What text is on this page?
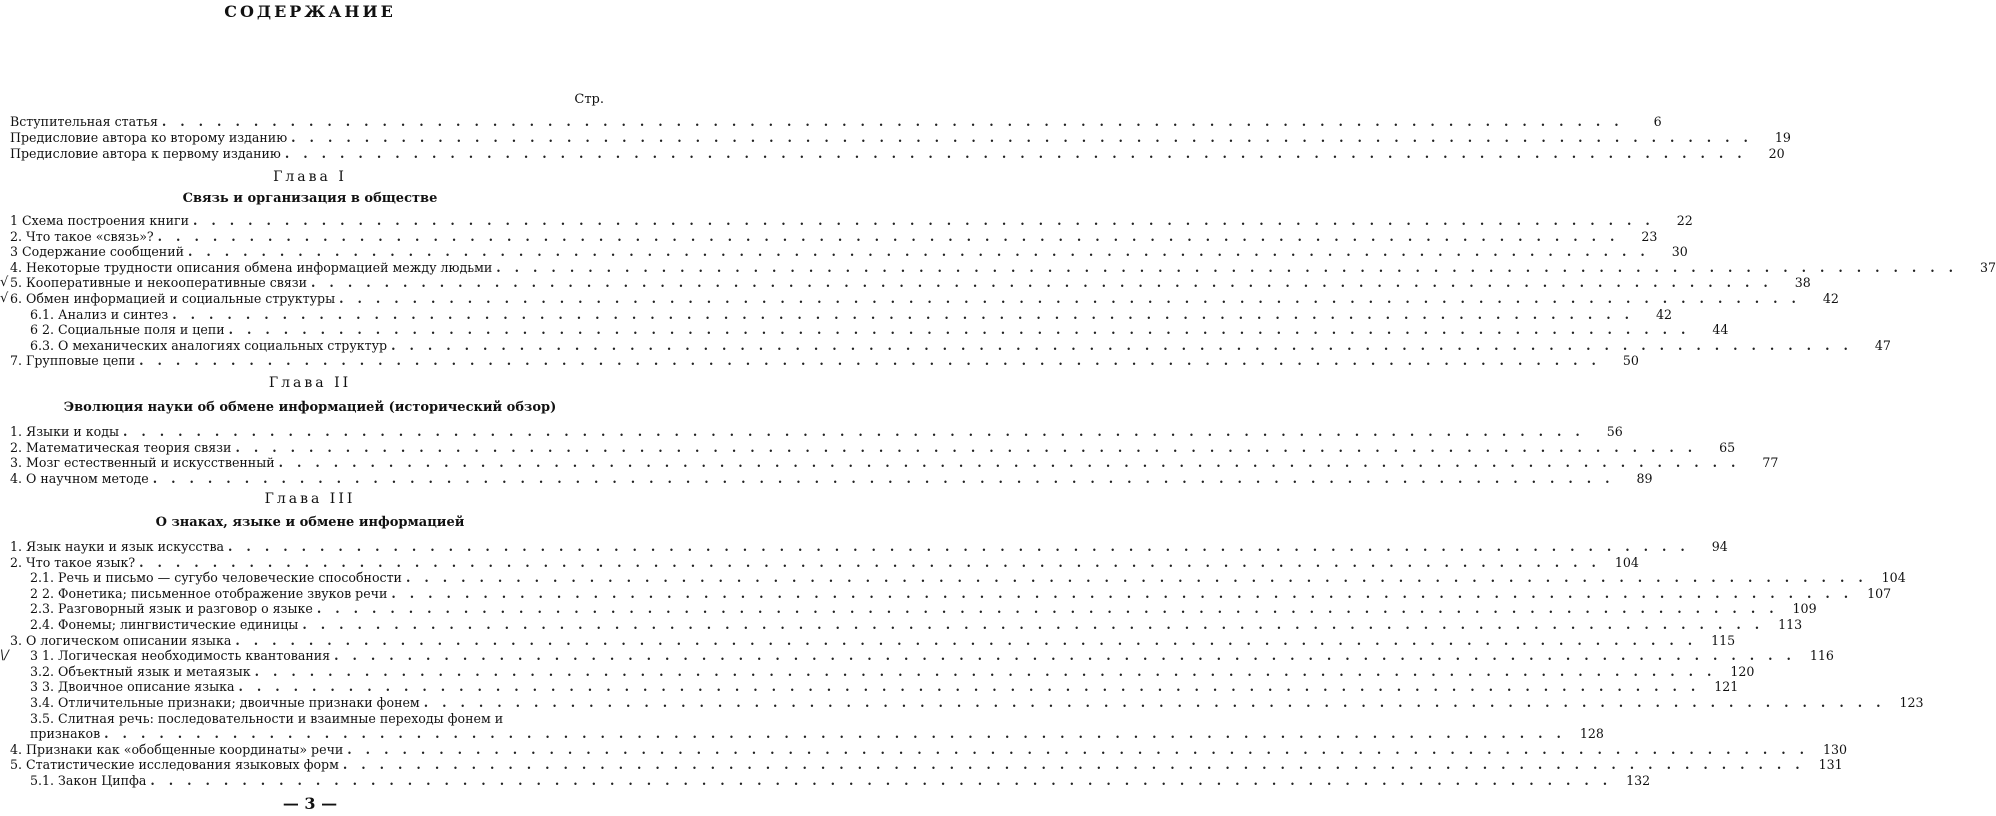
СОДЕРЖАНИЕ
Стр.
Вступительная статья ................................................................................	6
Предисловие автора ко второму изданию ................................................................................	19
Предисловие автора к первому изданию ................................................................................	20
Глава I
Связь и организация в обществе
1 Схема построения книги ................................................................................	22
2. Что такое «связь»? ................................................................................	23
3 Содержание сообщений ................................................................................	30
4. Некоторые трудности описания обмена информацией между людьми ................................................................................	37
5. Кооперативные и некооперативные связи ................................................................................	38
√
6. Обмен информацией и социальные структуры ................................................................................	42
√
6.1. Анализ и синтез ................................................................................	42
6 2. Социальные поля и цепи ................................................................................	44
6.3. О механических аналогиях социальных структур ................................................................................	47
7. Групповые цепи ................................................................................	50
Глава II
Эволюция науки об обмене информацией (исторический обзор)
1. Языки и коды ................................................................................	56
2. Математическая теория связи ................................................................................	65
3. Мозг естественный и искусственный ................................................................................	77
4. О научном методе ................................................................................	89
Глава III
О знаках, языке и обмене информацией
1. Язык науки и язык искусства ................................................................................	94
2. Что такое язык? ................................................................................ 104
2.1. Речь и письмо — сугубо человеческие способности ................................................................................ 104
2 2. Фонетика; письменное отображение звуков речи ................................................................................ 107
2.3. Разговорный язык и разговор о языке ................................................................................ 109
2.4. Фонемы; лингвистические единицы ................................................................................ 113
3. О логическом описании языка ................................................................................ 115
3 1. Логическая необходимость квантования ................................................................................ 116
\/
3.2. Объектный язык и метаязык ................................................................................ 120
3 3. Двоичное описание языка ................................................................................ 121
3.4. Отличительные признаки; двоичные признаки фонем ................................................................................ 123
3.5. Слитная речь: последовательности и взаимные переходы фонем и
признаков ................................................................................ 128
4. Признаки как «обобщенные координаты» речи ................................................................................ 130
5. Статистические исследования языковых форм ................................................................................ 131
5.1. Закон Ципфа ................................................................................ 132
— 3 —
